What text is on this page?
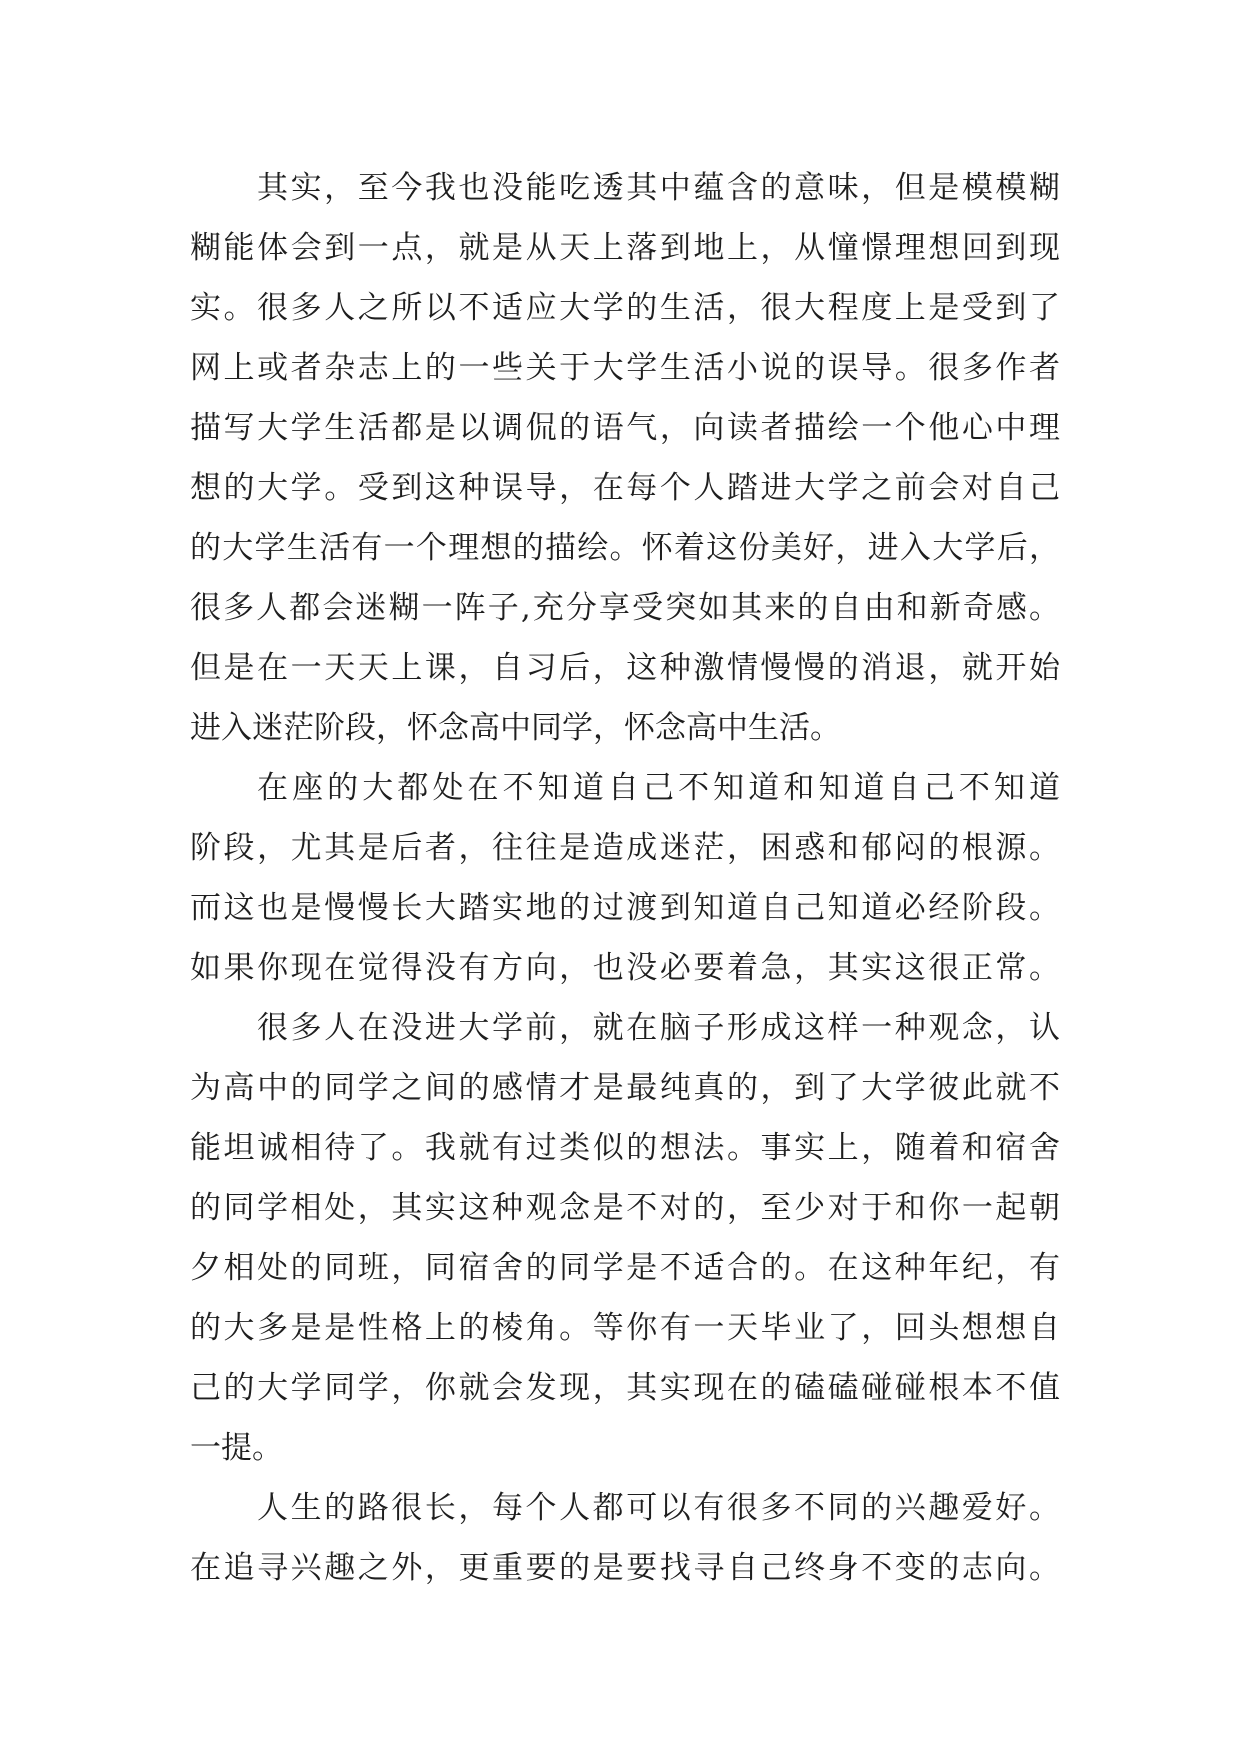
其实，至今我也没能吃透其中蕴含的意味，但是模模糊
糊能体会到一点，就是从天上落到地上，从憧憬理想回到现
实。很多人之所以不适应大学的生活，很大程度上是受到了
网上或者杂志上的一些关于大学生活小说的误导。很多作者
描写大学生活都是以调侃的语气，向读者描绘一个他心中理
想的大学。受到这种误导，在每个人踏进大学之前会对自己
的大学生活有一个理想的描绘。怀着这份美好，进入大学后，
很多人都会迷糊一阵子,充分享受突如其来的自由和新奇感。
但是在一天天上课，自习后，这种激情慢慢的消退，就开始
进入迷茫阶段，怀念高中同学，怀念高中生活。
在座的大都处在不知道自己不知道和知道自己不知道
阶段，尤其是后者，往往是造成迷茫，困惑和郁闷的根源。
而这也是慢慢长大踏实地的过渡到知道自己知道必经阶段。
如果你现在觉得没有方向，也没必要着急，其实这很正常。
很多人在没进大学前，就在脑子形成这样一种观念，认
为高中的同学之间的感情才是最纯真的，到了大学彼此就不
能坦诚相待了。我就有过类似的想法。事实上，随着和宿舍
的同学相处，其实这种观念是不对的，至少对于和你一起朝
夕相处的同班，同宿舍的同学是不适合的。在这种年纪，有
的大多是是性格上的棱角。等你有一天毕业了，回头想想自
己的大学同学，你就会发现，其实现在的磕磕碰碰根本不值
一提。
人生的路很长，每个人都可以有很多不同的兴趣爱好。
在追寻兴趣之外，更重要的是要找寻自己终身不变的志向。
